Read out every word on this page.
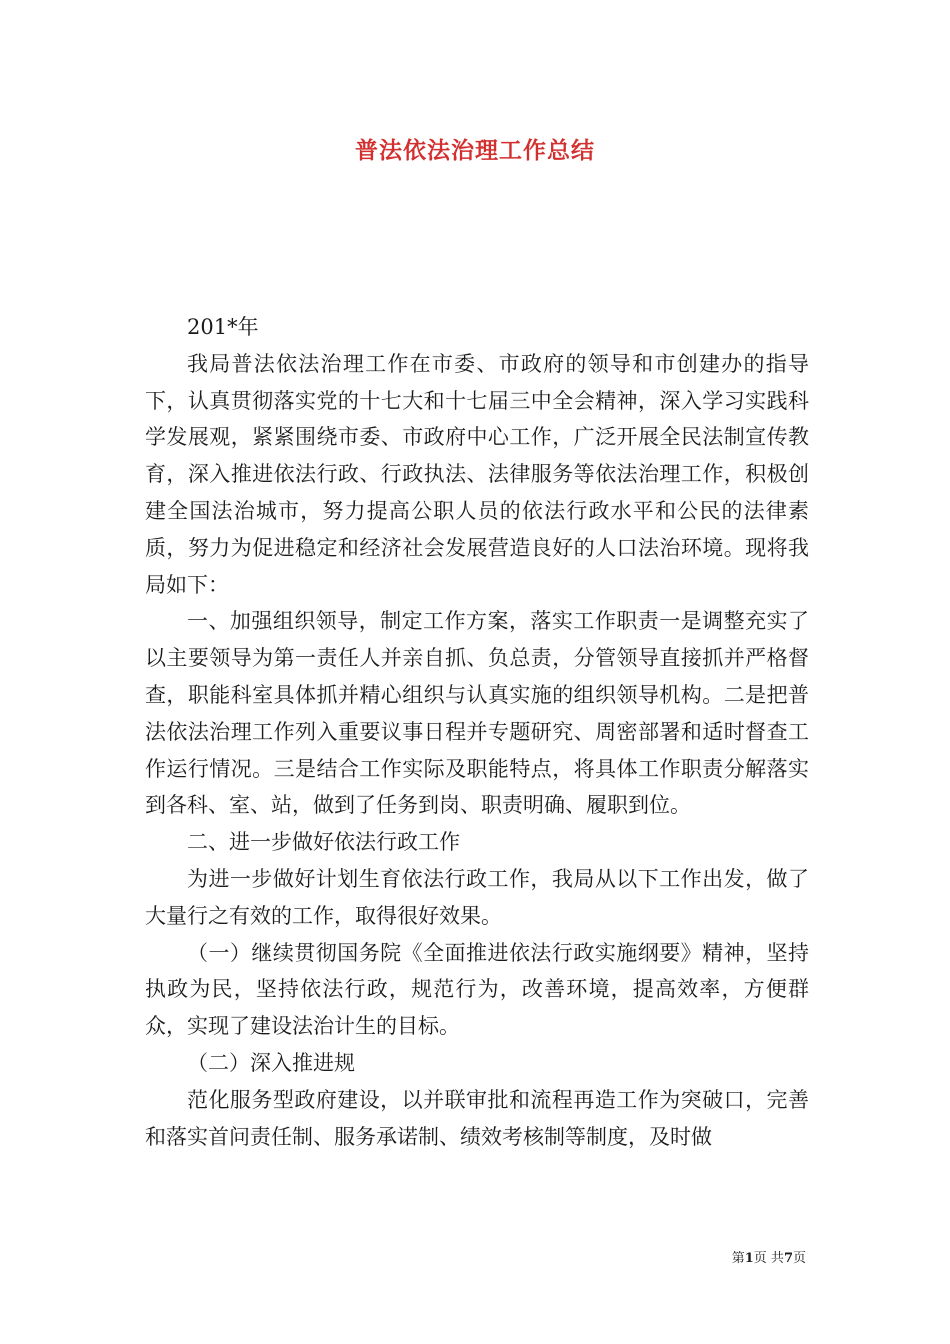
普法依法治理工作总结

201*年

我局普法依法治理工作在市委、市政府的领导和市创建办的指导下，认真贯彻落实党的十七大和十七届三中全会精神，深入学习实践科学发展观，紧紧围绕市委、市政府中心工作，广泛开展全民法制宣传教育，深入推进依法行政、行政执法、法律服务等依法治理工作，积极创建全国法治城市，努力提高公职人员的依法行政水平和公民的法律素质，努力为促进稳定和经济社会发展营造良好的人口法治环境。现将我局如下：

一、加强组织领导，制定工作方案，落实工作职责一是调整充实了以主要领导为第一责任人并亲自抓、负总责，分管领导直接抓并严格督查，职能科室具体抓并精心组织与认真实施的组织领导机构。二是把普法依法治理工作列入重要议事日程并专题研究、周密部署和适时督查工作运行情况。三是结合工作实际及职能特点，将具体工作职责分解落实到各科、室、站，做到了任务到岗、职责明确、履职到位。

二、进一步做好依法行政工作

为进一步做好计划生育依法行政工作，我局从以下工作出发，做了大量行之有效的工作，取得很好效果。

（一）继续贯彻国务院《全面推进依法行政实施纲要》精神，坚持执政为民，坚持依法行政，规范行为，改善环境，提高效率，方便群众，实现了建设法治计生的目标。

（二）深入推进规

范化服务型政府建设，以并联审批和流程再造工作为突破口，完善和落实首问责任制、服务承诺制、绩效考核制等制度，及时做

第1页 共7页
